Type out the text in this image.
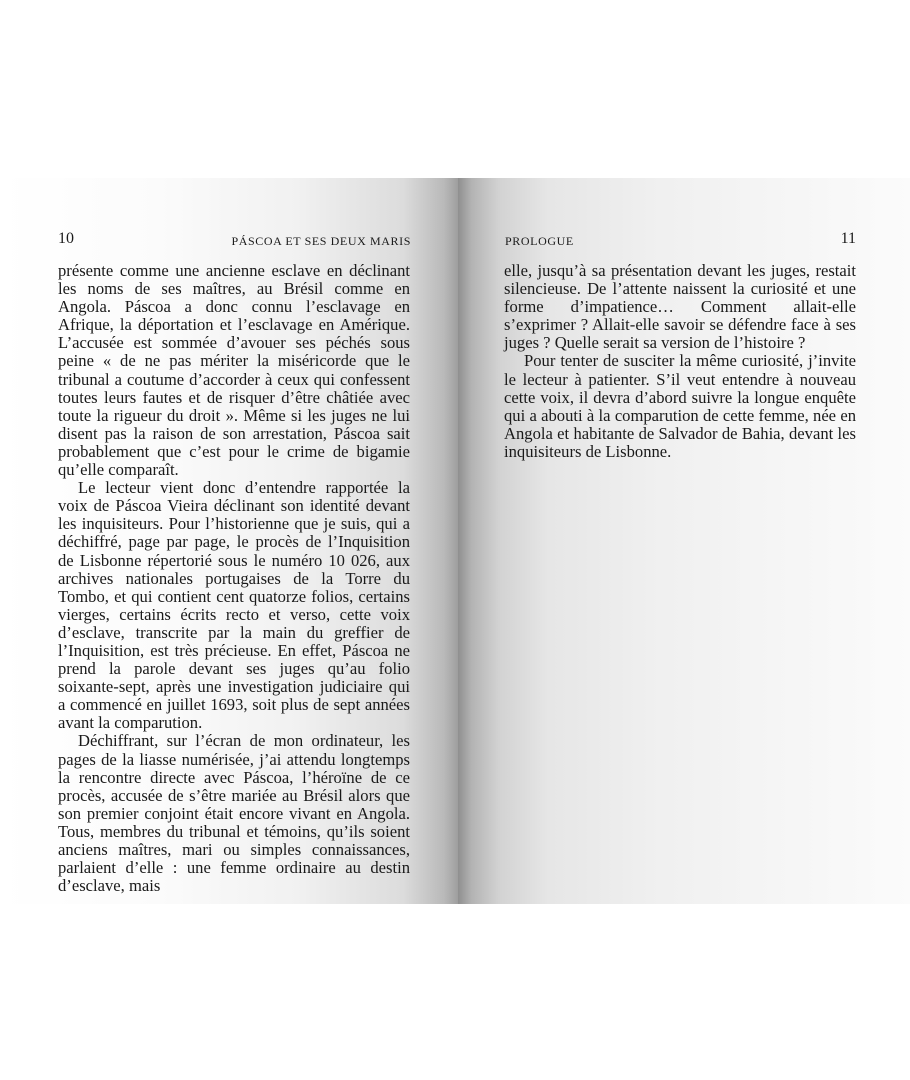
10	PÁSCOA ET SES DEUX MARIS

présente comme une ancienne esclave en déclinant les noms de ses maîtres, au Brésil comme en Angola. Páscoa a donc connu l’esclavage en Afrique, la déportation et l’esclavage en Amérique. L’accusée est sommée d’avouer ses péchés sous peine « de ne pas mériter la miséricorde que le tribunal a coutume d’accorder à ceux qui confessent toutes leurs fautes et de risquer d’être châtiée avec toute la rigueur du droit ». Même si les juges ne lui disent pas la raison de son arrestation, Páscoa sait probablement que c’est pour le crime de bigamie qu’elle comparaît.

Le lecteur vient donc d’entendre rapportée la voix de Páscoa Vieira déclinant son identité devant les inquisiteurs. Pour l’historienne que je suis, qui a déchiffré, page par page, le procès de l’Inquisition de Lisbonne répertorié sous le numéro 10 026, aux archives nationales portugaises de la Torre du Tombo, et qui contient cent quatorze folios, certains vierges, certains écrits recto et verso, cette voix d’esclave, transcrite par la main du greffier de l’Inquisition, est très précieuse. En effet, Páscoa ne prend la parole devant ses juges qu’au folio soixante-sept, après une investigation judiciaire qui a commencé en juillet 1693, soit plus de sept années avant la comparution.

Déchiffrant, sur l’écran de mon ordinateur, les pages de la liasse numérisée, j’ai attendu longtemps la rencontre directe avec Páscoa, l’héroïne de ce procès, accusée de s’être mariée au Brésil alors que son premier conjoint était encore vivant en Angola. Tous, membres du tribunal et témoins, qu’ils soient anciens maîtres, mari ou simples connaissances, parlaient d’elle : une femme ordinaire au destin d’esclave, mais

PROLOGUE	11

elle, jusqu’à sa présentation devant les juges, restait silencieuse. De l’attente naissent la curiosité et une forme d’impatience… Comment allait-elle s’exprimer ? Allait-elle savoir se défendre face à ses juges ? Quelle serait sa version de l’histoire ?

Pour tenter de susciter la même curiosité, j’invite le lecteur à patienter. S’il veut entendre à nouveau cette voix, il devra d’abord suivre la longue enquête qui a abouti à la comparution de cette femme, née en Angola et habitante de Salvador de Bahia, devant les inquisiteurs de Lisbonne.
